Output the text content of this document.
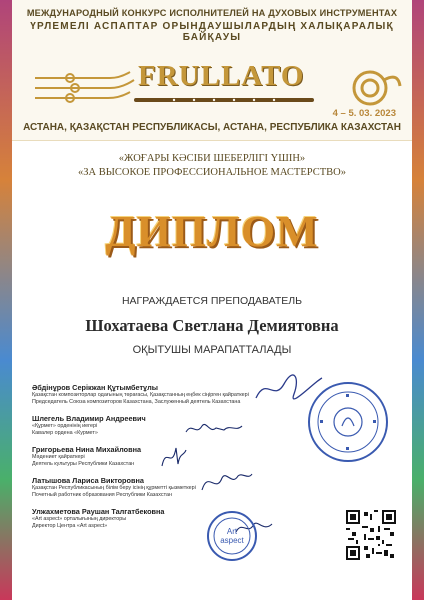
МЕЖДУНАРОДНЫЙ КОНКУРС ИСПОЛНИТЕЛЕЙ НА ДУХОВЫХ ИНСТРУМЕНТАХ
ҮРЛЕМЕЛІ АСПАПТАР ОРЫНДАУШЫЛАРДЫҢ ХАЛЫҚАРАЛЫҚ БАЙҚАУЫ
FRULLATO
4 – 5. 03. 2023
АСТАНА, ҚАЗАҚСТАН РЕСПУБЛИКАСЫ, АСТАНА, РЕСПУБЛИКА КАЗАХСТАН
«ЖОҒАРЫ КӘСІБИ ШЕБЕРЛІГІ ҮШІН»
«ЗА ВЫСОКОЕ ПРОФЕССИОНАЛЬНОЕ МАСТЕРСТВО»
ДИПЛОМ
НАГРАЖДАЕТСЯ ПРЕПОДАВАТЕЛЬ
Шохатаева Светлана Демиятовна
ОҚЫТУШЫ МАРАПАТТАЛАДЫ
Әбдінұров Серікжан Құтымбетұлы
Қазақстан композиторлар одағының төрағасы, Қазақстанның еңбек сіңірген қайраткері
Председатель Союза композиторов Казахстана, Заслуженный деятель Казахстана
Шлегель Владимир Андреевич
«Құрмет» орденінің иегері
Кавалер ордена «Курмет»
Григорьева Нина Михайловна
Мәдениет қайраткері
Деятель культуры Республики Казахстан
Латышова Лариса Викторовна
Қазақстан Республикасының білім беру ісінің құрметті қызметкері
Почетный работник образования Республики Казахстан
Улжахметова Раушан Талгатбековна
«Art aspect» орталығының директоры
Директор Центра «Art aspect»
Art
aspect
